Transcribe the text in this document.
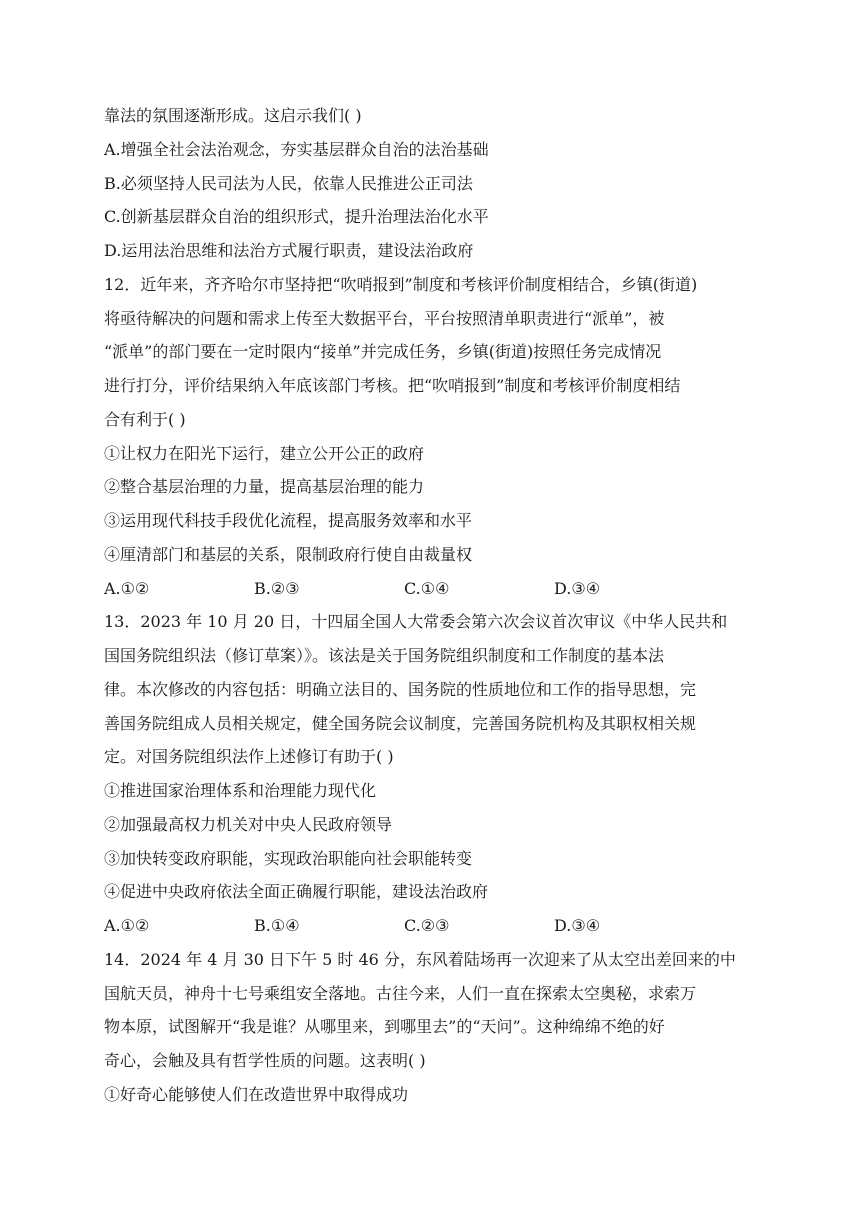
靠法的氛围逐渐形成。这启示我们( )
A.增强全社会法治观念，夯实基层群众自治的法治基础
B.必须坚持人民司法为人民，依靠人民推进公正司法
C.创新基层群众自治的组织形式，提升治理法治化水平
D.运用法治思维和法治方式履行职责，建设法治政府
12．近年来，齐齐哈尔市坚持把“吹哨报到”制度和考核评价制度相结合，乡镇(街道)
将亟待解决的问题和需求上传至大数据平台，平台按照清单职责进行“派单”，被
“派单”的部门要在一定时限内“接单”并完成任务，乡镇(街道)按照任务完成情况
进行打分，评价结果纳入年底该部门考核。把“吹哨报到”制度和考核评价制度相结
合有利于( )
①让权力在阳光下运行，建立公开公正的政府
②整合基层治理的力量，提高基层治理的能力
③运用现代科技手段优化流程，提高服务效率和水平
④厘清部门和基层的关系，限制政府行使自由裁量权
A.①②	B.②③	C.①④	D.③④
13．2023 年 10 月 20 日，十四届全国人大常委会第六次会议首次审议《中华人民共和
国国务院组织法（修订草案）》。该法是关于国务院组织制度和工作制度的基本法
律。本次修改的内容包括：明确立法目的、国务院的性质地位和工作的指导思想，完
善国务院组成人员相关规定，健全国务院会议制度，完善国务院机构及其职权相关规
定。对国务院组织法作上述修订有助于( )
①推进国家治理体系和治理能力现代化
②加强最高权力机关对中央人民政府领导
③加快转变政府职能，实现政治职能向社会职能转变
④促进中央政府依法全面正确履行职能，建设法治政府
A.①②	B.①④	C.②③	D.③④
14．2024 年 4 月 30 日下午 5 时 46 分，东风着陆场再一次迎来了从太空出差回来的中
国航天员，神舟十七号乘组安全落地。古往今来，人们一直在探索太空奥秘，求索万
物本原，试图解开“我是谁？从哪里来，到哪里去”的“天问”。这种绵绵不绝的好
奇心，会触及具有哲学性质的问题。这表明( )
①好奇心能够使人们在改造世界中取得成功
